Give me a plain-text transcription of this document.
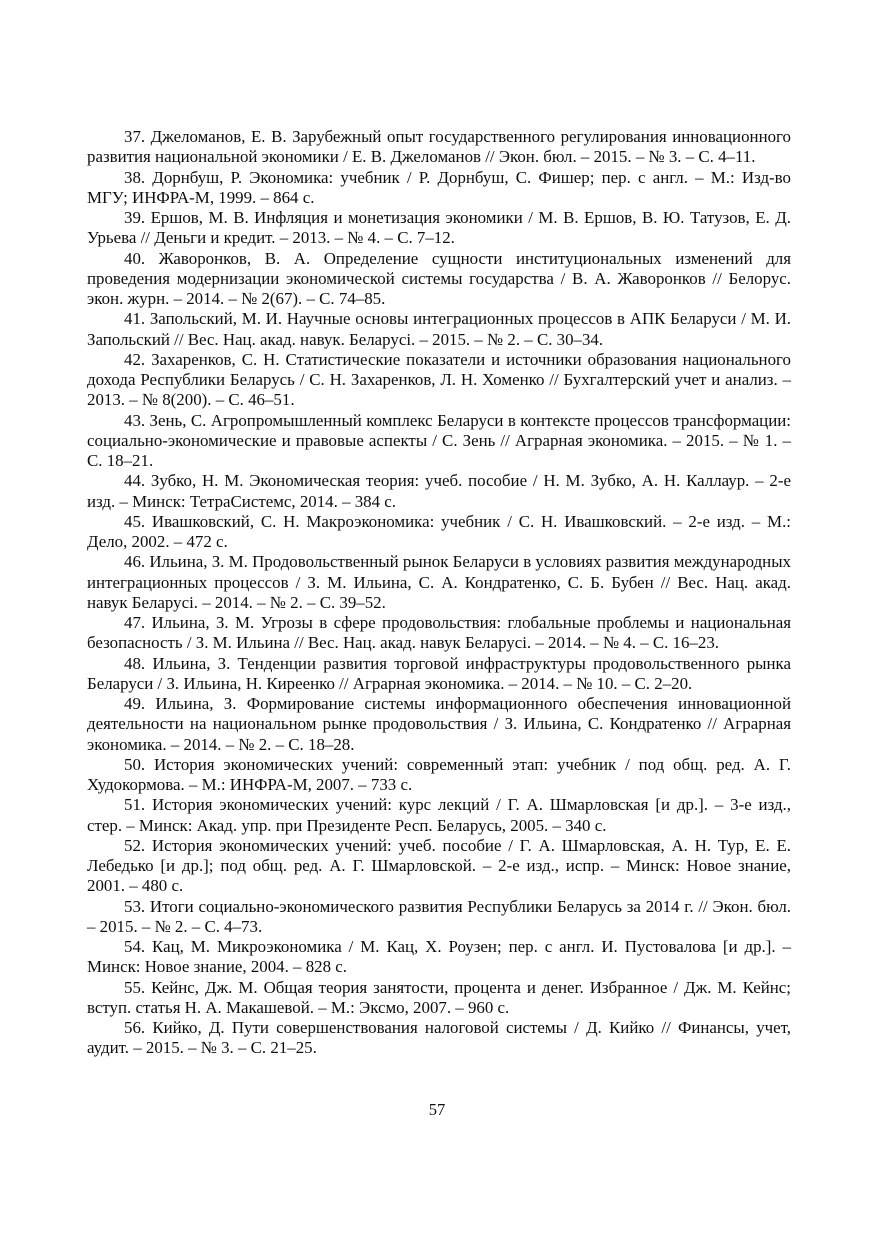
37. Джеломанов, Е. В. Зарубежный опыт государственного регулирования инновационного развития национальной экономики / Е. В. Джеломанов // Экон. бюл. – 2015. – № 3. – С. 4–11.

38. Дорнбуш, Р. Экономика: учебник / Р. Дорнбуш, С. Фишер; пер. с англ. – М.: Изд-во МГУ; ИНФРА-М, 1999. – 864 с.

39. Ершов, М. В. Инфляция и монетизация экономики / М. В. Ершов, В. Ю. Татузов, Е. Д. Урьева // Деньги и кредит. – 2013. – № 4. – С. 7–12.

40. Жаворонков, В. А. Определение сущности институциональных изменений для проведения модернизации экономической системы государства / В. А. Жаворонков // Белорус. экон. журн. – 2014. – № 2(67). – С. 74–85.

41. Запольский, М. И. Научные основы интеграционных процессов в АПК Беларуси / М. И. Запольский // Вес. Нац. акад. навук. Беларусі. – 2015. – № 2. – С. 30–34.

42. Захаренков, С. Н. Статистические показатели и источники образования национального дохода Республики Беларусь / С. Н. Захаренков, Л. Н. Хоменко // Бухгалтерский учет и анализ. – 2013. – № 8(200). – С. 46–51.

43. Зень, С. Агропромышленный комплекс Беларуси в контексте процессов трансформации: социально-экономические и правовые аспекты / С. Зень // Аграрная экономика. – 2015. – № 1. – С. 18–21.

44. Зубко, Н. М. Экономическая теория: учеб. пособие / Н. М. Зубко, А. Н. Каллаур. – 2-е изд. – Минск: ТетраСистемс, 2014. – 384 с.

45. Ивашковский, С. Н. Макроэкономика: учебник / С. Н. Ивашковский. – 2-е изд. – М.: Дело, 2002. – 472 с.

46. Ильина, З. М. Продовольственный рынок Беларуси в условиях развития международных интеграционных процессов / З. М. Ильина, С. А. Кондратенко, С. Б. Бубен // Вес. Нац. акад. навук Беларусі. – 2014. – № 2. – С. 39–52.

47. Ильина, З. М. Угрозы в сфере продовольствия: глобальные проблемы и национальная безопасность / З. М. Ильина // Вес. Нац. акад. навук Беларусі. – 2014. – № 4. – С. 16–23.

48. Ильина, З. Тенденции развития торговой инфраструктуры продовольственного рынка Беларуси / З. Ильина, Н. Киреенко // Аграрная экономика. – 2014. – № 10. – С. 2–20.

49. Ильина, З. Формирование системы информационного обеспечения инновационной деятельности на национальном рынке продовольствия / З. Ильина, С. Кондратенко // Аграрная экономика. – 2014. – № 2. – С. 18–28.

50. История экономических учений: современный этап: учебник / под общ. ред. А. Г. Худокормова. – М.: ИНФРА-М, 2007. – 733 с.

51. История экономических учений: курс лекций / Г. А. Шмарловская [и др.]. – 3-е изд., стер. – Минск: Акад. упр. при Президенте Респ. Беларусь, 2005. – 340 с.

52. История экономических учений: учеб. пособие / Г. А. Шмарловская, А. Н. Тур, Е. Е. Лебедько [и др.]; под общ. ред. А. Г. Шмарловской. – 2-е изд., испр. – Минск: Новое знание, 2001. – 480 с.

53. Итоги социально-экономического развития Республики Беларусь за 2014 г. // Экон. бюл. – 2015. – № 2. – С. 4–73.

54. Кац, М. Микроэкономика / М. Кац, Х. Роузен; пер. с англ. И. Пустовалова [и др.]. – Минск: Новое знание, 2004. – 828 с.

55. Кейнс, Дж. М. Общая теория занятости, процента и денег. Избранное / Дж. М. Кейнс; вступ. статья Н. А. Макашевой. – М.: Эксмо, 2007. – 960 с.

56. Кийко, Д. Пути совершенствования налоговой системы / Д. Кийко // Финансы, учет, аудит. – 2015. – № 3. – С. 21–25.

57
